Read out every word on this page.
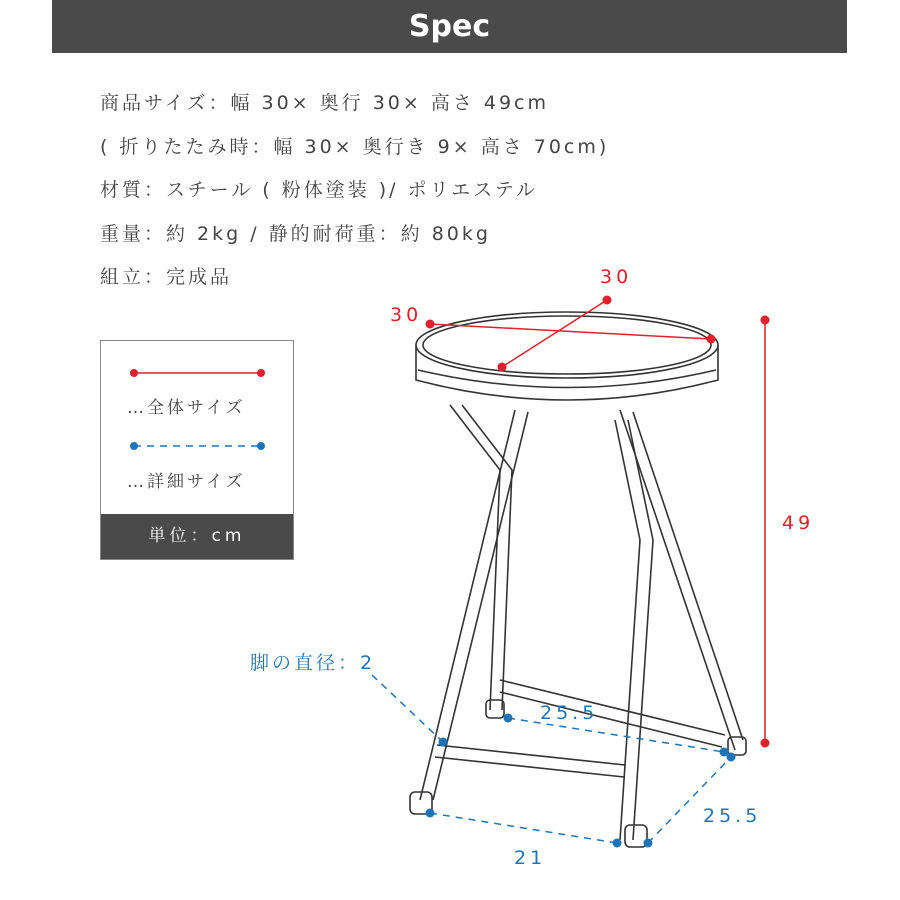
Spec
商品サイズ：幅 30× 奥行 30× 高さ 49cm
( 折りたたみ時：幅 30× 奥行き 9× 高さ 70cm)
材質：スチール ( 粉体塗装 )/ ポリエステル
重量：約 2kg / 静的耐荷重：約 80kg
組立：完成品
…全体サイズ
…詳細サイズ
単位：cm
30
30
49
脚の直径：2
25.5
25.5
21
